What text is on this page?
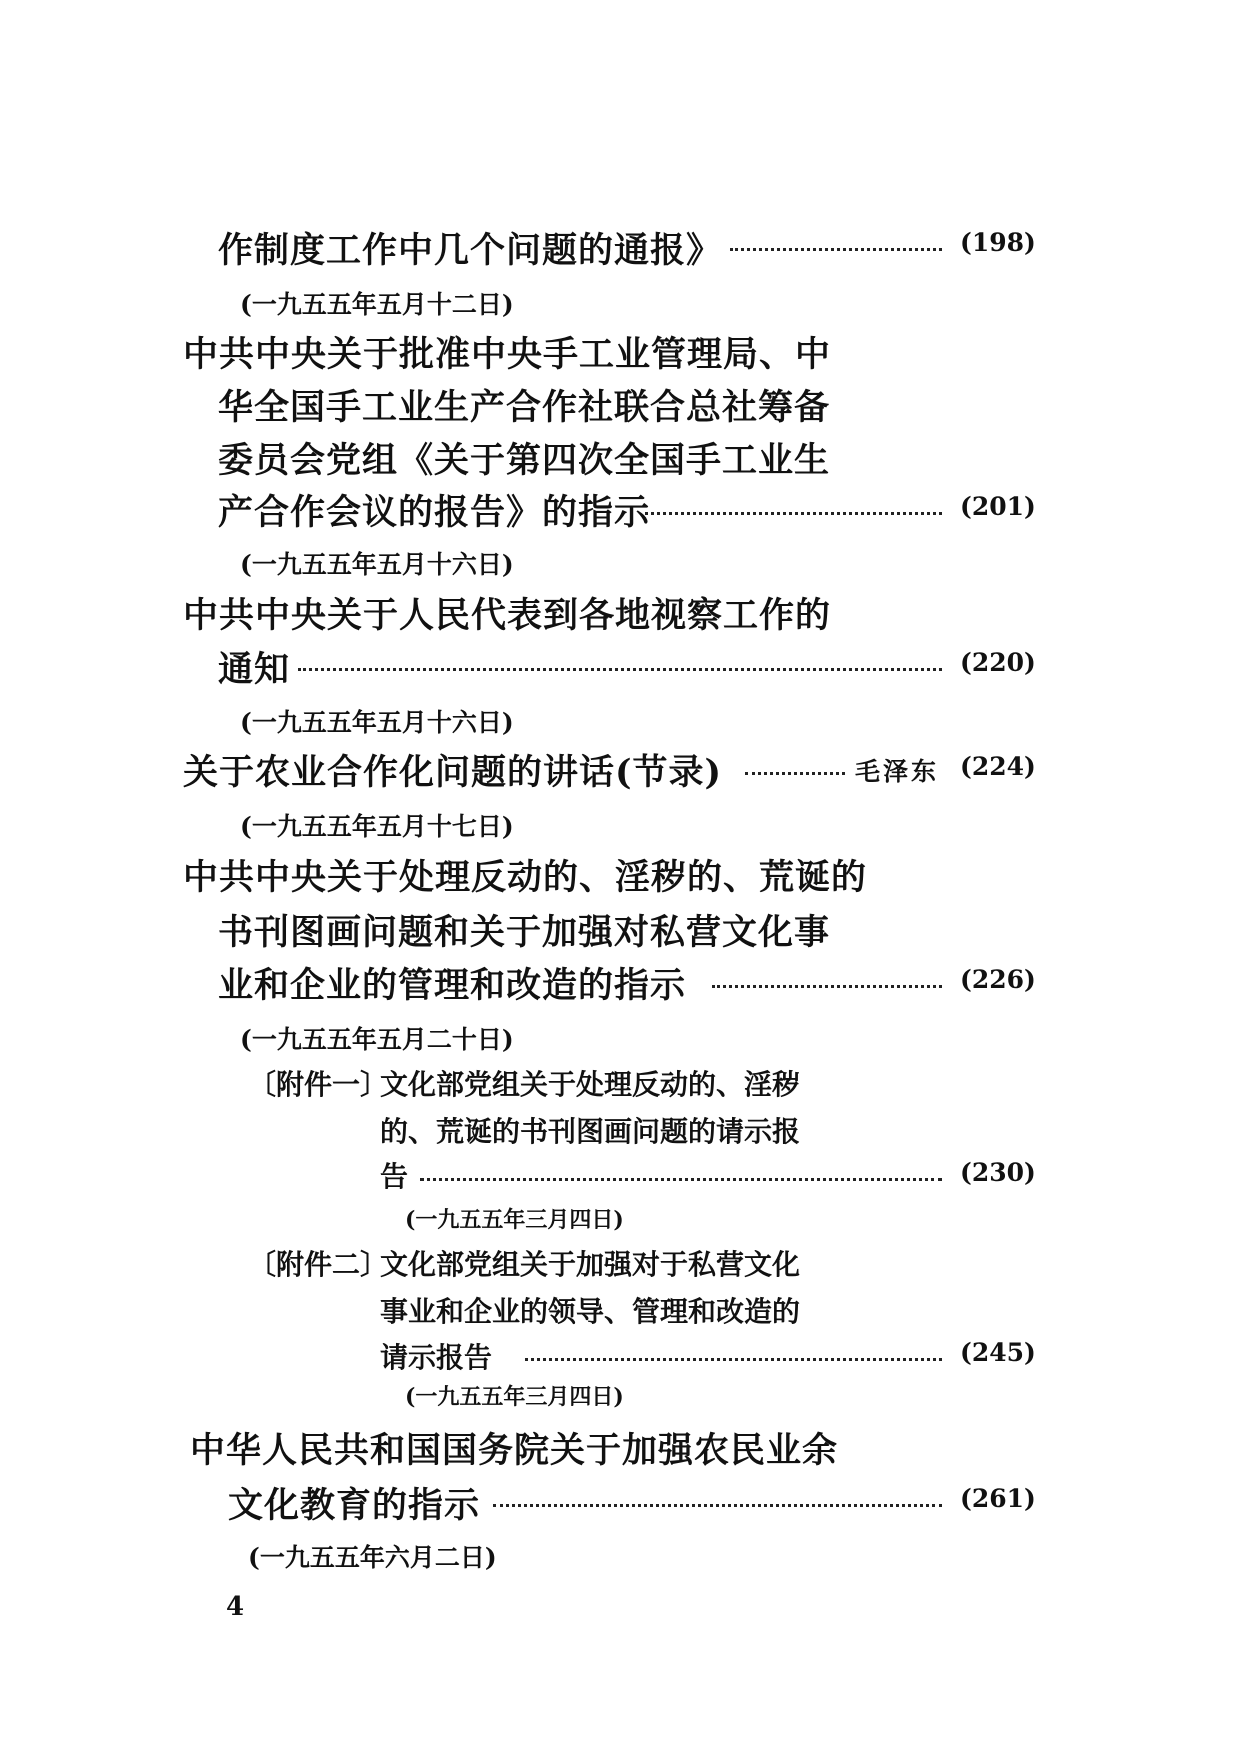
作制度工作中几个问题的通报》	(198)
(一九五五年五月十二日)
中共中央关于批准中央手工业管理局、中
华全国手工业生产合作社联合总社筹备
委员会党组《关于第四次全国手工业生
产合作会议的报告》的指示	(201)
(一九五五年五月十六日)
中共中央关于人民代表到各地视察工作的
通知	(220)
(一九五五年五月十六日)
关于农业合作化问题的讲话(节录)	毛泽东 (224)
(一九五五年五月十七日)
中共中央关于处理反动的、淫秽的、荒诞的
书刊图画问题和关于加强对私营文化事
业和企业的管理和改造的指示	(226)
(一九五五年五月二十日)
〔附件一〕
文化部党组关于处理反动的、淫秽
的、荒诞的书刊图画问题的请示报
告	(230)
(一九五五年三月四日)
〔附件二〕
文化部党组关于加强对于私营文化
事业和企业的领导、管理和改造的
请示报告	(245)
(一九五五年三月四日)
中华人民共和国国务院关于加强农民业余
文化教育的指示	(261)
(一九五五年六月二日)
4
